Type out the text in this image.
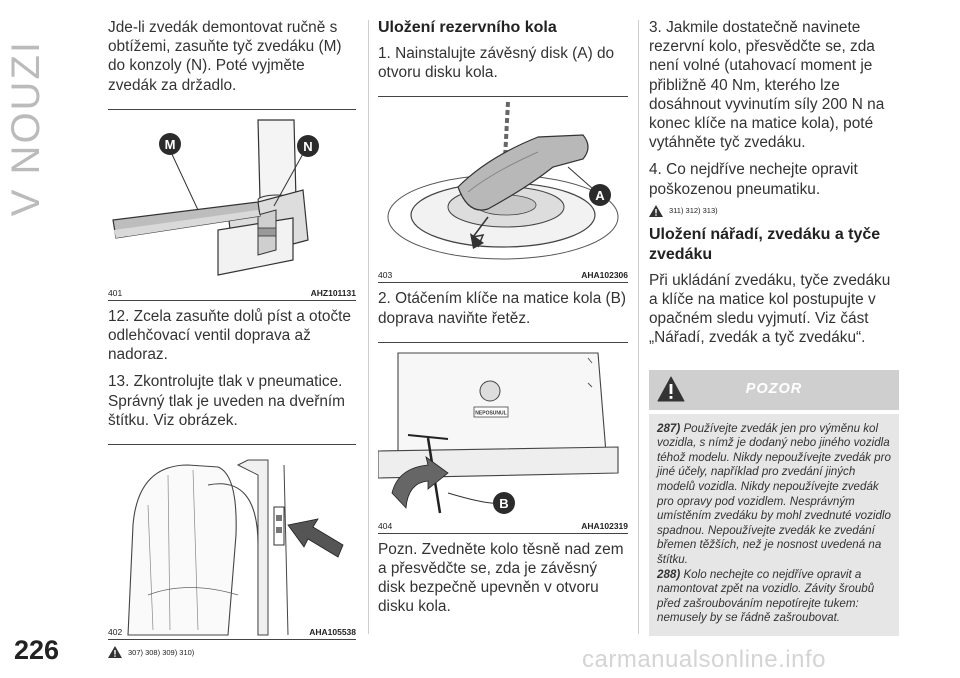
V NOUZI
226	carmanualsonline.info

Jde-li zvedák demontovat ručně s obtížemi, zasuňte tyč zvedáku (M) do konzoly (N). Poté vyjměte zvedák za držadlo.

M	N
401	AHZ101131

12. Zcela zasuňte dolů píst a otočte odlehčovací ventil doprava až nadoraz.

13. Zkontrolujte tlak v pneumatice. Správný tlak je uveden na dveřním štítku. Viz obrázek.

402	AHA105538
307) 308) 309) 310)
Uložení rezervního kola

1. Nainstalujte závěsný disk (A) do otvoru disku kola.

A
403	AHA102306

2. Otáčením klíče na matice kola (B) doprava naviňte řetěz.

NEPOSUNUL
B
404	AHA102319

Pozn. Zvedněte kolo těsně nad zem a přesvědčte se, zda je závěsný disk bezpečně upevněn v otvoru disku kola.

3. Jakmile dostatečně navinete rezervní kolo, přesvědčte se, zda není volné (utahovací moment je přibližně 40 Nm, kterého lze dosáhnout vyvinutím síly 200 N na konec klíče na matice kola), poté vytáhněte tyč zvedáku.

4. Co nejdříve nechejte opravit poškozenou pneumatiku.

311) 312) 313)
Uložení nářadí, zvedáku a tyče zvedáku

Při ukládání zvedáku, tyče zvedáku a klíče na matice kol postupujte v opačném sledu vyjmutí. Viz část „Nářadí, zvedák a tyč zvedáku“.

POZOR
287) Používejte zvedák jen pro výměnu kol vozidla, s nímž je dodaný nebo jiného vozidla téhož modelu. Nikdy nepoužívejte zvedák pro jiné účely, například pro zvedání jiných modelů vozidla. Nikdy nepoužívejte zvedák pro opravy pod vozidlem. Nesprávným umístěním zvedáku by mohl zvednuté vozidlo spadnou. Nepoužívejte zvedák ke zvedání břemen těžších, než je nosnost uvedená na štítku.
288) Kolo nechejte co nejdříve opravit a namontovat zpět na vozidlo. Závity šroubů před zašroubováním nepotírejte tukem: nemusely by se řádně zašroubovat.
